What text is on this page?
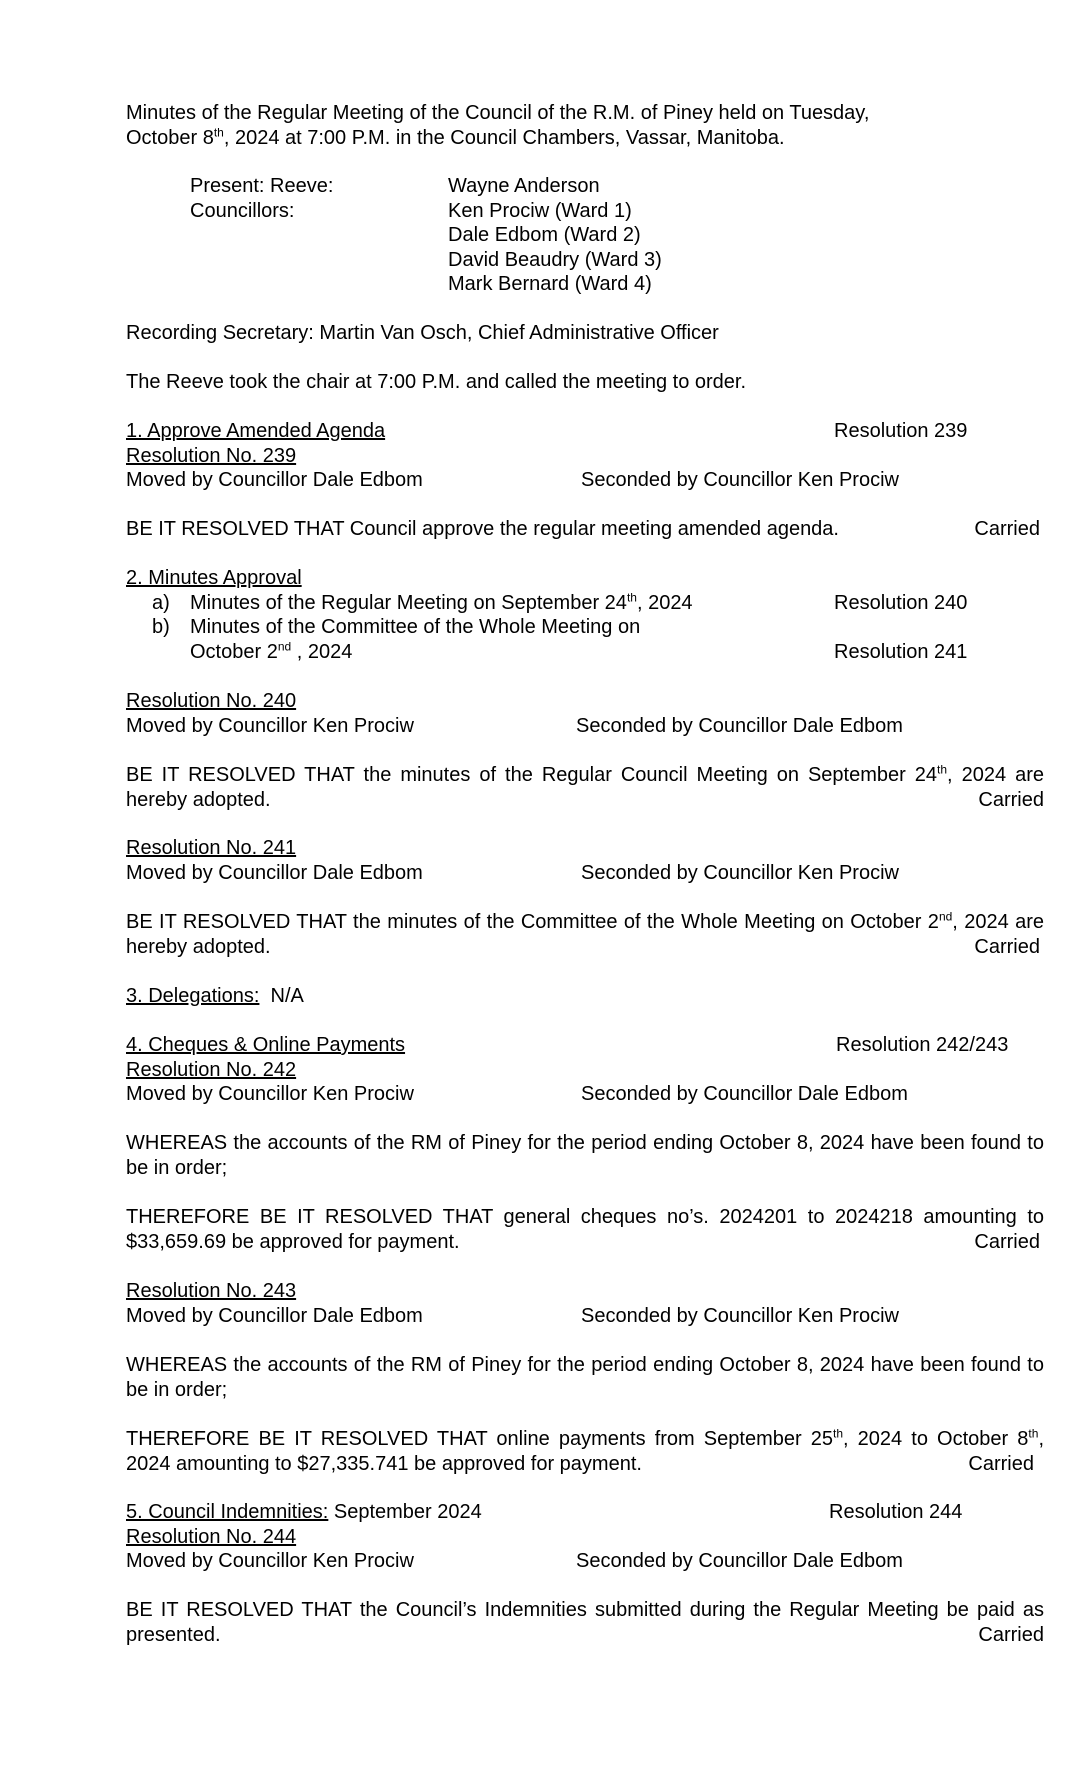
Minutes of the Regular Meeting of the Council of the R.M. of Piney held on Tuesday,
October 8th, 2024 at 7:00 P.M. in the Council Chambers, Vassar, Manitoba.
Present: Reeve:	Wayne Anderson
Councillors:	Ken Prociw (Ward 1)
Dale Edbom (Ward 2)
David Beaudry (Ward 3)
Mark Bernard (Ward 4)
Recording Secretary: Martin Van Osch, Chief Administrative Officer
The Reeve took the chair at 7:00 P.M. and called the meeting to order.
1. Approve Amended Agenda	Resolution 239
Resolution No. 239
Moved by Councillor Dale Edbom	Seconded by Councillor Ken Prociw
BE IT RESOLVED THAT Council approve the regular meeting amended agenda.	Carried
2. Minutes Approval
a) Minutes of the Regular Meeting on September 24th, 2024	Resolution 240
b) Minutes of the Committee of the Whole Meeting on
October 2nd , 2024	Resolution 241
Resolution No. 240
Moved by Councillor Ken Prociw	Seconded by Councillor Dale Edbom
BE IT RESOLVED THAT the minutes of the Regular Council Meeting on September 24th, 2024 are hereby adopted.	Carried
Resolution No. 241
Moved by Councillor Dale Edbom	Seconded by Councillor Ken Prociw
BE IT RESOLVED THAT the minutes of the Committee of the Whole Meeting on October 2nd, 2024 are hereby adopted.	Carried
3. Delegations: N/A
4. Cheques & Online Payments	Resolution 242/243
Resolution No. 242
Moved by Councillor Ken Prociw	Seconded by Councillor Dale Edbom
WHEREAS the accounts of the RM of Piney for the period ending October 8, 2024 have been found to be in order;
THEREFORE BE IT RESOLVED THAT general cheques no’s. 2024201 to 2024218 amounting to $33,659.69 be approved for payment.	Carried
Resolution No. 243
Moved by Councillor Dale Edbom	Seconded by Councillor Ken Prociw
WHEREAS the accounts of the RM of Piney for the period ending October 8, 2024 have been found to be in order;
THEREFORE BE IT RESOLVED THAT online payments from September 25th, 2024 to October 8th, 2024 amounting to $27,335.741 be approved for payment.	Carried
5. Council Indemnities: September 2024	Resolution 244
Resolution No. 244
Moved by Councillor Ken Prociw	Seconded by Councillor Dale Edbom
BE IT RESOLVED THAT the Council’s Indemnities submitted during the Regular Meeting be paid as presented.	Carried
